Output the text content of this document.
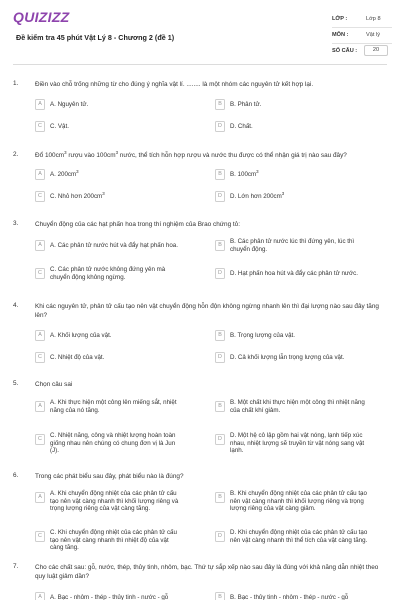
QUIZIZZ
Đề kiểm tra 45 phút Vật Lý 8 - Chương 2 (đề 1)
LỚP :	Lớp 8
MÔN :	Vật lý
SỐ CÂU :	20
1.	Điền vào chỗ trống những từ cho đúng ý nghĩa vật lí. ........ là một nhóm các nguyên tử kết hợp lại.
A	A. Nguyên tử.	B	B. Phân tử.
C	C. Vật.	D	D. Chất.
2.	Đổ $100cm^3$ rượu vào $100cm^3$ nước, thể tích hỗn hợp rượu và nước thu được có thể nhận giá trị nào sau đây?
A	A. $200cm^3$	B	B. $100cm^3$
C	C. Nhỏ hơn $200cm^3$	D	D. Lớn hơn $200cm^3$
3.	Chuyển động của các hạt phấn hoa trong thí nghiệm của Brao chứng tỏ:
A	A. Các phân tử nước hút và đẩy hạt phấn hoa.	B	B. Các phân tử nước lúc thì đứng yên, lúc thì chuyển động.
C	C. Các phân tử nước không đứng yên mà chuyển động không ngừng.
D	D. Hạt phấn hoa hút và đẩy các phân tử nước.
4.	Khi các nguyên tử, phân tử cấu tạo nên vật chuyển động hỗn độn không ngừng nhanh lên thì đại lượng nào sau đây tăng lên?
A	A. Khối lượng của vật.	B	B. Trọng lượng của vật.
C	C. Nhiệt độ của vật.	D	D. Cả khối lượng lẫn trọng lượng của vật.
5.	Chọn câu sai
A	A. Khi thực hiện một công lên miếng sắt, nhiệt năng của nó tăng.
B	B. Một chất khi thực hiện một công thì nhiệt năng của chất khí giảm.
C	C. Nhiệt năng, công và nhiệt lượng hoàn toàn giống nhau nên chúng có chung đơn vị là Jun (J).
D	D. Một hệ cô lập gồm hai vật nóng, lạnh tiếp xúc nhau, nhiệt lượng sẽ truyền từ vật nóng sang vật lạnh.
6.	Trong các phát biểu sau đây, phát biểu nào là đúng?
A	A. Khi chuyển động nhiệt của các phân tử cấu tạo nên vật càng nhanh thì khối lượng riêng và trọng lượng riêng của vật càng tăng.
B	B. Khi chuyển động nhiệt của các phân tử cấu tạo nên vật càng nhanh thì khối lượng riêng và trọng lượng riêng của vật càng giảm.
C	C. Khi chuyển động nhiệt của các phân tử cấu tạo nên vật càng nhanh thì nhiệt độ của vật càng tăng.
D	D. Khi chuyển động nhiệt của các phân tử cấu tạo nên vật càng nhanh thì thể tích của vật càng tăng.
7.	Cho các chất sau: gỗ, nước, thép, thủy tinh, nhôm, bạc. Thứ tự sắp xếp nào sau đây là đúng với khả năng dẫn nhiệt theo quy luật giảm dần?
A	A. Bạc - nhôm - thép - thủy tinh - nước - gỗ	B	B. Bạc - thủy tinh - nhôm - thép - nước - gỗ
